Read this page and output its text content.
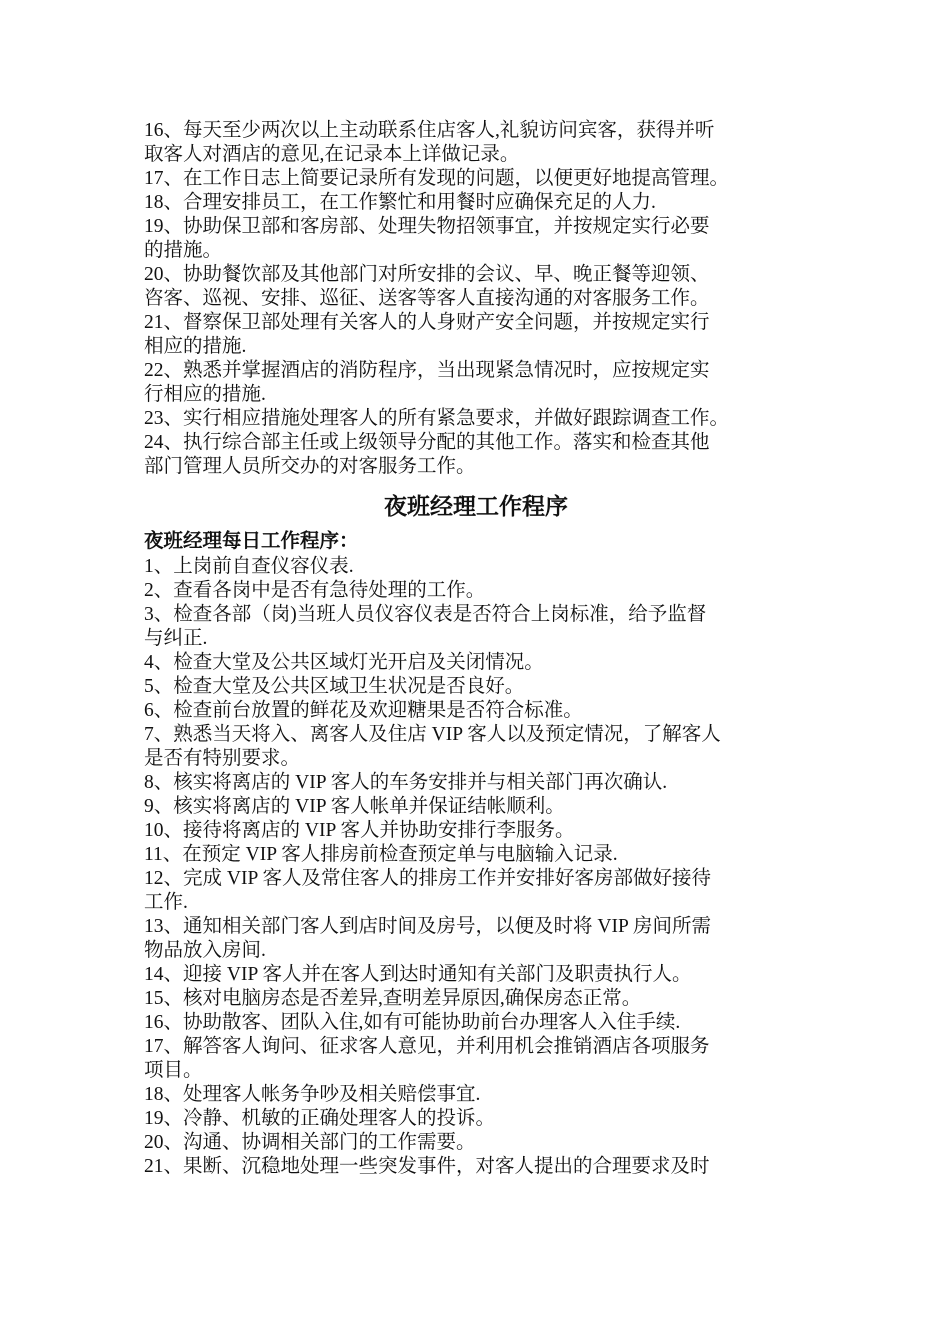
16、每天至少两次以上主动联系住店客人,礼貌访问宾客，获得并听

取客人对酒店的意见,在记录本上详做记录。

17、在工作日志上简要记录所有发现的问题，以便更好地提高管理。

18、合理安排员工，在工作繁忙和用餐时应确保充足的人力.

19、协助保卫部和客房部、处理失物招领事宜，并按规定实行必要

的措施。

20、协助餐饮部及其他部门对所安排的会议、早、晚正餐等迎领、

咨客、巡视、安排、巡征、送客等客人直接沟通的对客服务工作。

21、督察保卫部处理有关客人的人身财产安全问题，并按规定实行

相应的措施.

22、熟悉并掌握酒店的消防程序，当出现紧急情况时，应按规定实

行相应的措施.

23、实行相应措施处理客人的所有紧急要求，并做好跟踪调查工作。

24、执行综合部主任或上级领导分配的其他工作。落实和检查其他

部门管理人员所交办的对客服务工作。

夜班经理工作程序
夜班经理每日工作程序：

1、上岗前自查仪容仪表.

2、查看各岗中是否有急待处理的工作。

3、检查各部（岗)当班人员仪容仪表是否符合上岗标准，给予监督

与纠正.

4、检查大堂及公共区域灯光开启及关闭情况。

5、检查大堂及公共区域卫生状况是否良好。

6、检查前台放置的鲜花及欢迎糖果是否符合标准。

7、熟悉当天将入、离客人及住店 VIP 客人以及预定情况，了解客人

是否有特别要求。

8、核实将离店的 VIP 客人的车务安排并与相关部门再次确认.

9、核实将离店的 VIP 客人帐单并保证结帐顺利。

10、接待将离店的 VIP 客人并协助安排行李服务。

11、在预定 VIP 客人排房前检查预定单与电脑输入记录.

12、完成 VIP 客人及常住客人的排房工作并安排好客房部做好接待

工作.

13、通知相关部门客人到店时间及房号，以便及时将 VIP 房间所需

物品放入房间.

14、迎接 VIP 客人并在客人到达时通知有关部门及职责执行人。

15、核对电脑房态是否差异,查明差异原因,确保房态正常。

16、协助散客、团队入住,如有可能协助前台办理客人入住手续.

17、解答客人询问、征求客人意见，并利用机会推销酒店各项服务

项目。

18、处理客人帐务争吵及相关赔偿事宜.

19、冷静、机敏的正确处理客人的投诉。

20、沟通、协调相关部门的工作需要。

21、果断、沉稳地处理一些突发事件，对客人提出的合理要求及时
